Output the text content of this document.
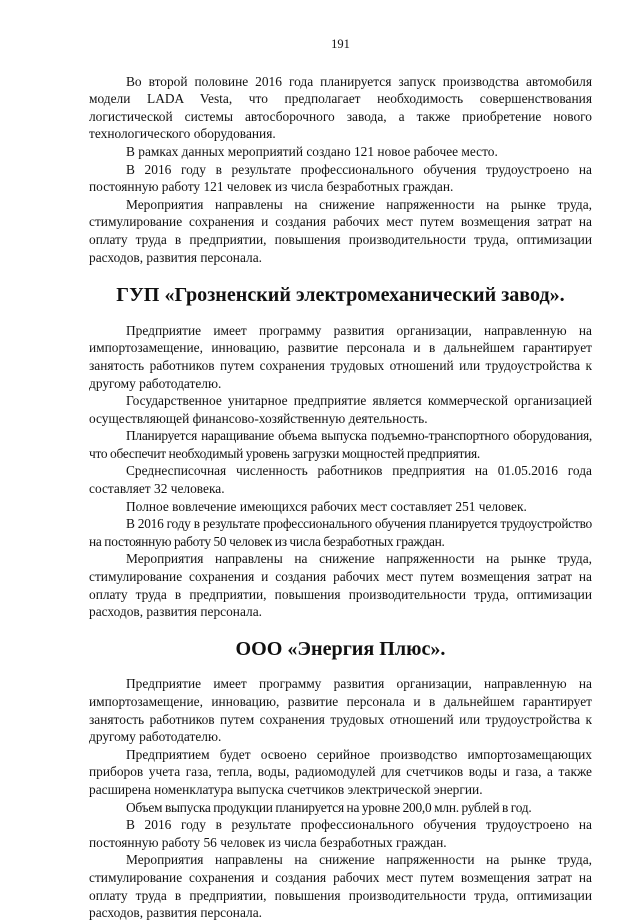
191

Во второй половине 2016 года планируется запуск производства автомобиля модели LADA Vesta, что предполагает необходимость совершенствования логистической системы автосборочного завода, а также приобретение нового технологического оборудования.

В рамках данных мероприятий создано 121 новое рабочее место.

В 2016 году в результате профессионального обучения трудоустроено на постоянную работу 121 человек из числа безработных граждан.

Мероприятия направлены на снижение напряженности на рынке труда, стимулирование сохранения и создания рабочих мест путем возмещения затрат на оплату труда в предприятии, повышения производительности труда, оптимизации расходов, развития персонала.

ГУП «Грозненский электромеханический завод».

Предприятие имеет программу развития организации, направленную на импортозамещение, инновацию, развитие персонала и в дальнейшем гарантирует занятость работников путем сохранения трудовых отношений или трудоустройства к другому работодателю.

Государственное унитарное предприятие является коммерческой организацией осуществляющей финансово-хозяйственную деятельность.

Планируется наращивание объема выпуска подъемно-транспортного оборудования, что обеспечит необходимый уровень загрузки мощностей предприятия.

Среднесписочная численность работников предприятия на 01.05.2016 года составляет 32 человека.

Полное вовлечение имеющихся рабочих мест составляет 251 человек.

В 2016 году в результате профессионального обучения планируется трудоустройство на постоянную работу 50 человек из числа безработных граждан.

Мероприятия направлены на снижение напряженности на рынке труда, стимулирование сохранения и создания рабочих мест путем возмещения затрат на оплату труда в предприятии, повышения производительности труда, оптимизации расходов, развития персонала.

ООО «Энергия Плюс».

Предприятие имеет программу развития организации, направленную на импортозамещение, инновацию, развитие персонала и в дальнейшем гарантирует занятость работников путем сохранения трудовых отношений или трудоустройства к другому работодателю.

Предприятием будет освоено серийное производство импортозамещающих приборов учета газа, тепла, воды, радиомодулей для счетчиков воды и газа, а также расширена номенклатура выпуска счетчиков электрической энергии.

Объем выпуска продукции планируется на уровне 200,0 млн. рублей в год.

В 2016 году в результате профессионального обучения трудоустроено на постоянную работу 56 человек из числа безработных граждан.

Мероприятия направлены на снижение напряженности на рынке труда, стимулирование сохранения и создания рабочих мест путем возмещения затрат на оплату труда в предприятии, повышения производительности труда, оптимизации расходов, развития персонала.
